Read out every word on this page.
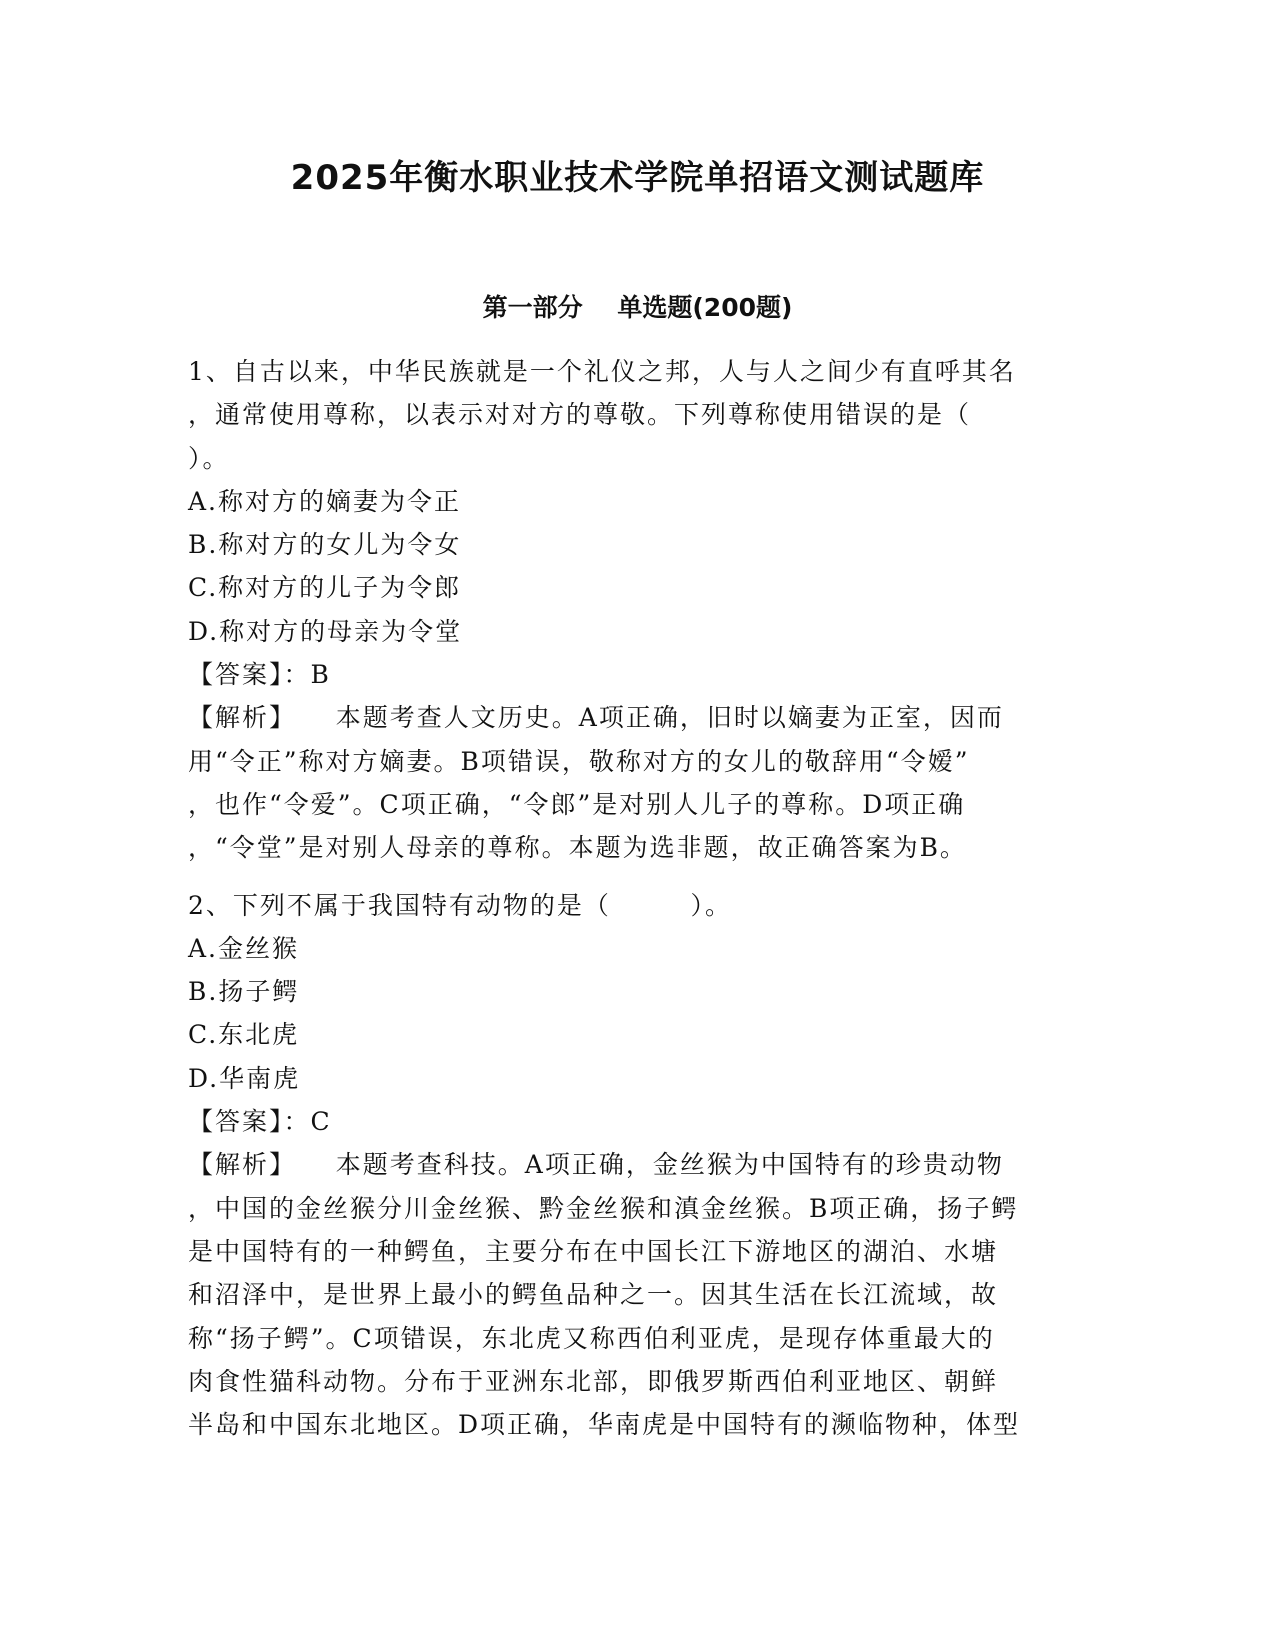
2025年衡水职业技术学院单招语文测试题库
第一部分    单选题(200题)
1、自古以来，中华民族就是一个礼仪之邦，人与人之间少有直呼其名
，通常使用尊称，以表示对对方的尊敬。下列尊称使用错误的是（
）。
A.称对方的嫡妻为令正
B.称对方的女儿为令女
C.称对方的儿子为令郎
D.称对方的母亲为令堂
【答案】：B
【解析】    本题考查人文历史。A项正确，旧时以嫡妻为正室，因而
用“令正”称对方嫡妻。B项错误，敬称对方的女儿的敬辞用“令嫒”
，也作“令爱”。C项正确，“令郎”是对别人儿子的尊称。D项正确
，“令堂”是对别人母亲的尊称。本题为选非题，故正确答案为B。
2、下列不属于我国特有动物的是（        ）。
A.金丝猴
B.扬子鳄
C.东北虎
D.华南虎
【答案】：C
【解析】    本题考查科技。A项正确，金丝猴为中国特有的珍贵动物
，中国的金丝猴分川金丝猴、黔金丝猴和滇金丝猴。B项正确，扬子鳄
是中国特有的一种鳄鱼，主要分布在中国长江下游地区的湖泊、水塘
和沼泽中，是世界上最小的鳄鱼品种之一。因其生活在长江流域，故
称“扬子鳄”。C项错误，东北虎又称西伯利亚虎，是现存体重最大的
肉食性猫科动物。分布于亚洲东北部，即俄罗斯西伯利亚地区、朝鲜
半岛和中国东北地区。D项正确，华南虎是中国特有的濒临物种，体型
